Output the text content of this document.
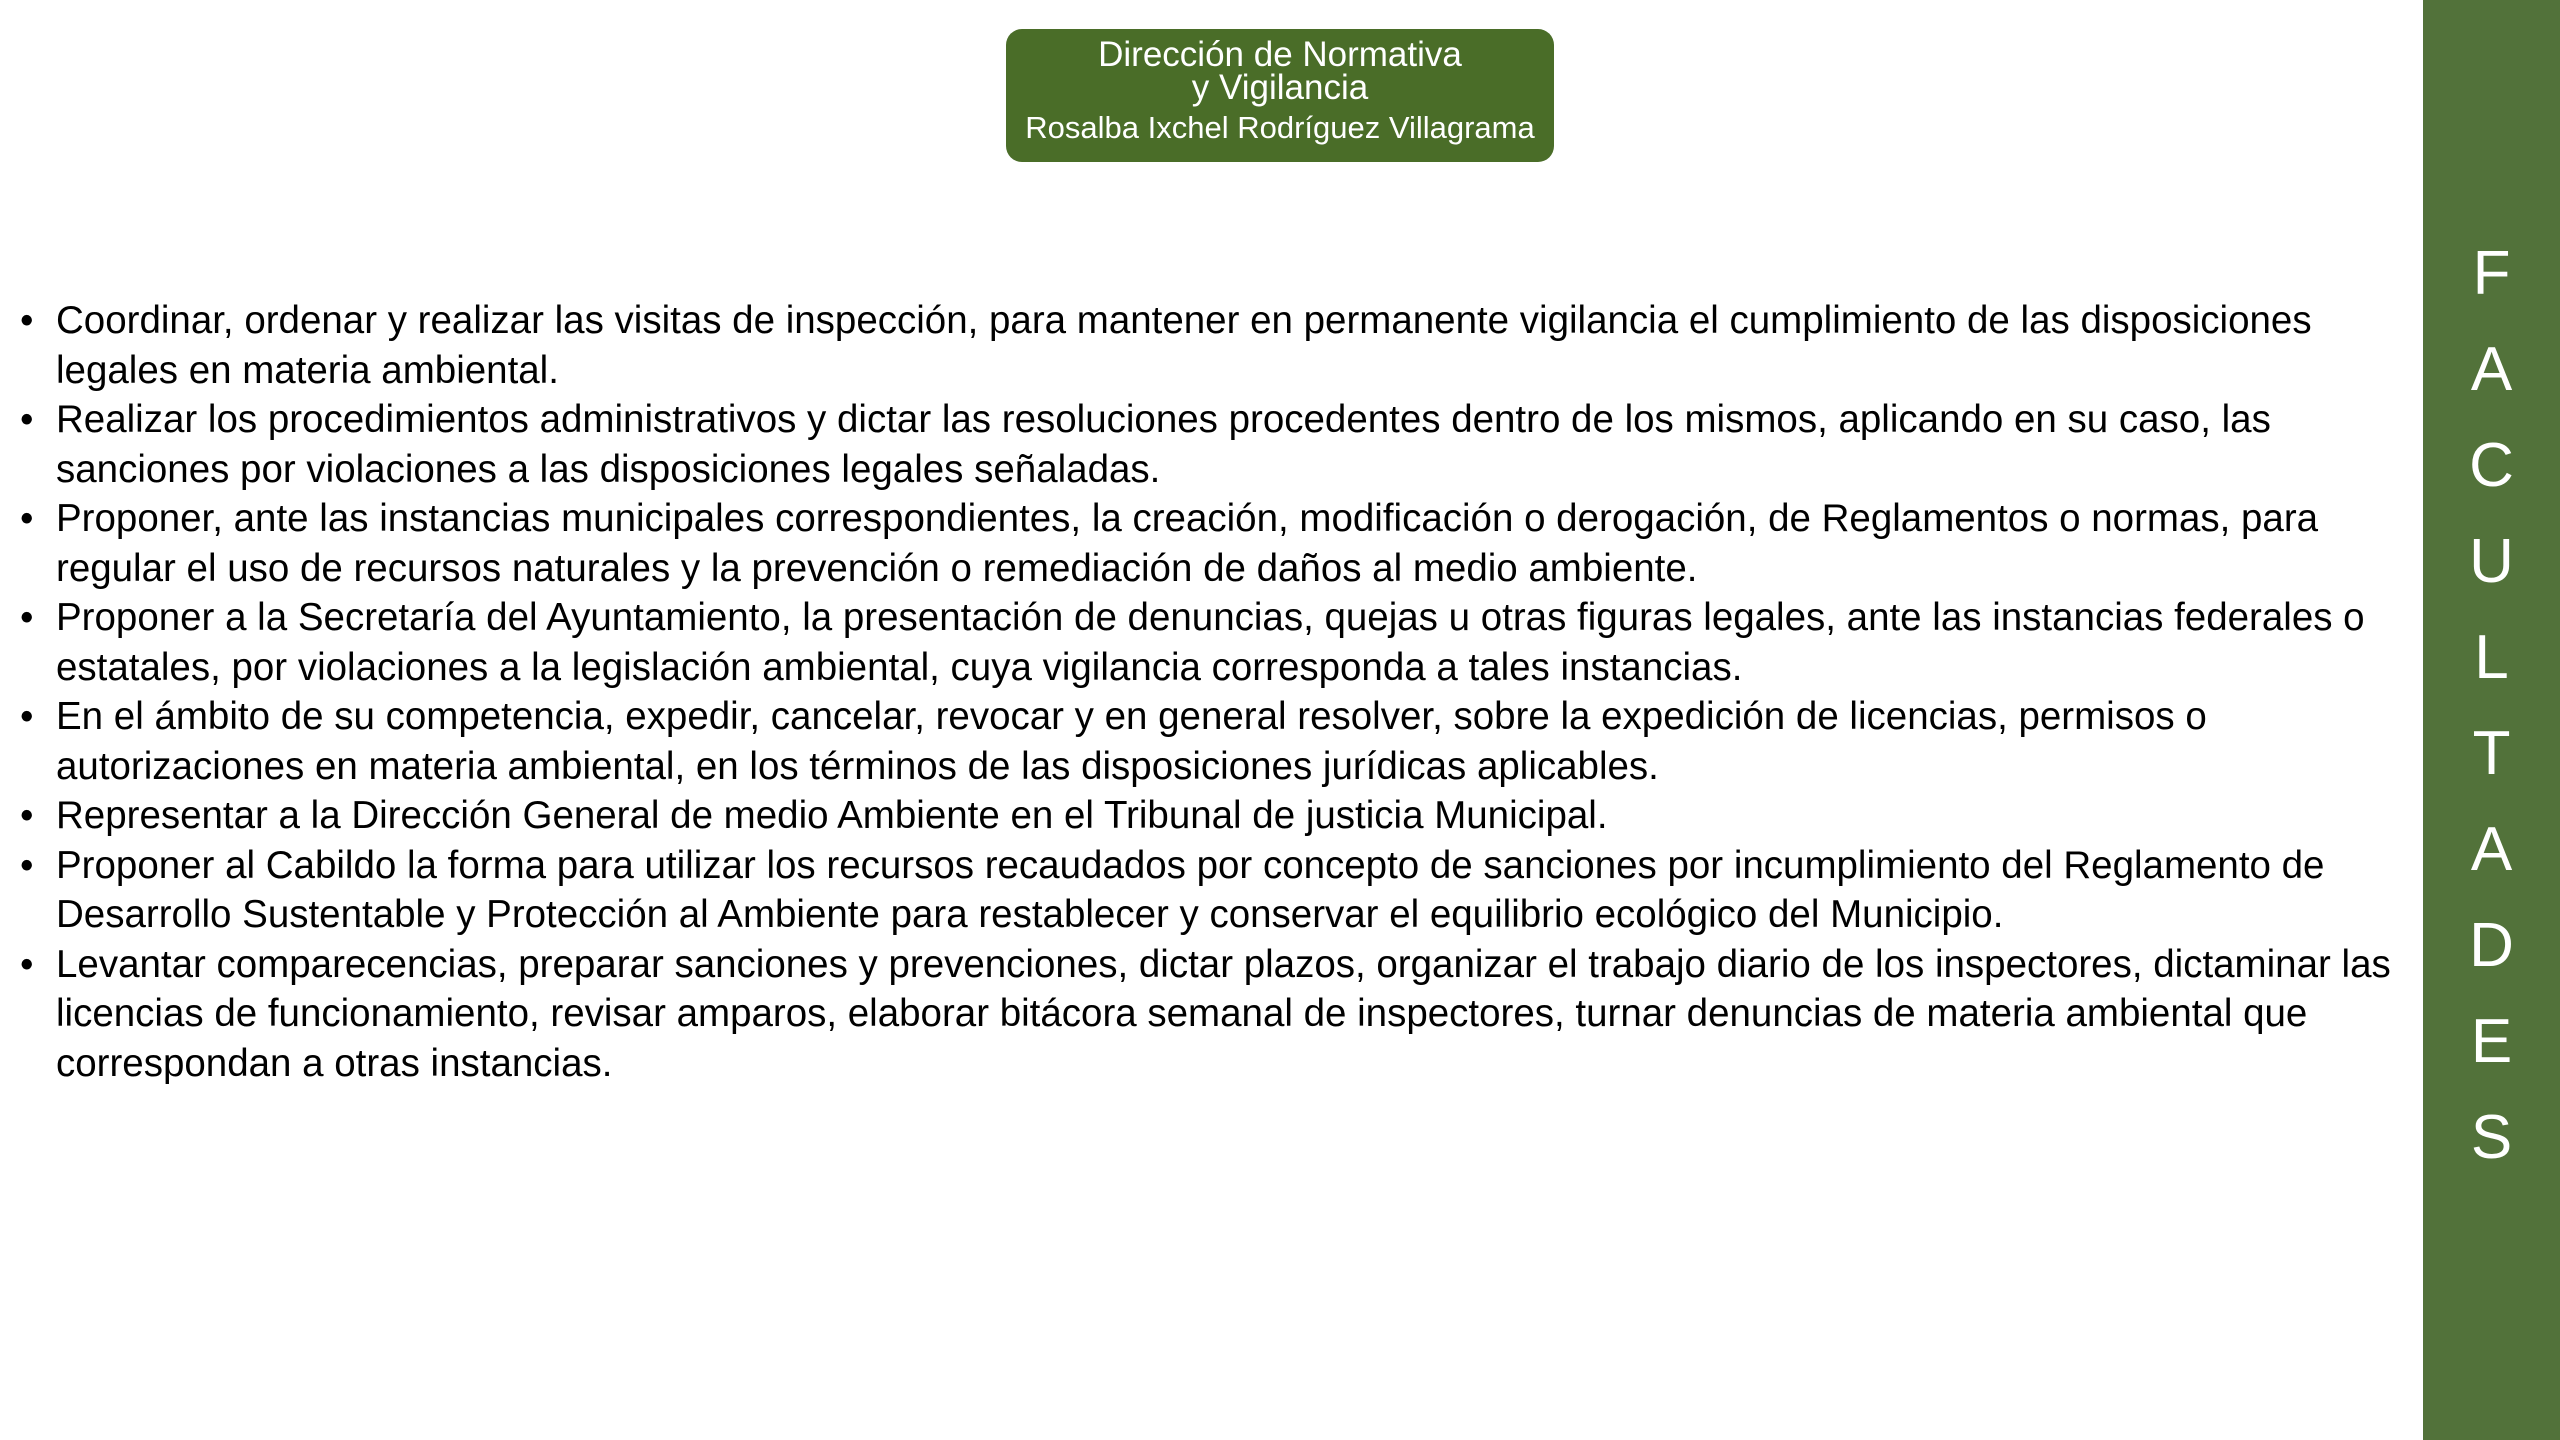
Dirección de Normativa
y Vigilancia
Rosalba Ixchel Rodríguez Villagrama
• Coordinar, ordenar y realizar las visitas de inspección, para mantener en permanente vigilancia el cumplimiento de las disposiciones legales en materia ambiental.
• Realizar los procedimientos administrativos y dictar las resoluciones procedentes dentro de los mismos, aplicando en su caso, las sanciones por violaciones a las disposiciones legales señaladas.
• Proponer, ante las instancias municipales correspondientes, la creación, modificación o derogación, de Reglamentos o normas, para regular el uso de recursos naturales y la prevención o remediación de daños al medio ambiente.
• Proponer a la Secretaría del Ayuntamiento, la presentación de denuncias, quejas u otras figuras legales, ante las instancias federales o estatales, por violaciones a la legislación ambiental, cuya vigilancia corresponda a tales instancias.
• En el ámbito de su competencia, expedir, cancelar, revocar y en general resolver, sobre la expedición de licencias, permisos o autorizaciones en materia ambiental, en los términos de las disposiciones jurídicas aplicables.
• Representar a la Dirección General de medio Ambiente en el Tribunal de justicia Municipal.
• Proponer al Cabildo la forma para utilizar los recursos recaudados por concepto de sanciones por incumplimiento del Reglamento de Desarrollo Sustentable y Protección al Ambiente para restablecer y conservar el equilibrio ecológico del Municipio.
• Levantar comparecencias, preparar sanciones y prevenciones, dictar plazos, organizar el trabajo diario de los inspectores, dictaminar las licencias de funcionamiento, revisar amparos, elaborar bitácora semanal de inspectores, turnar denuncias de materia ambiental que correspondan a otras instancias.
F
A
C
U
L
T
A
D
E
S
